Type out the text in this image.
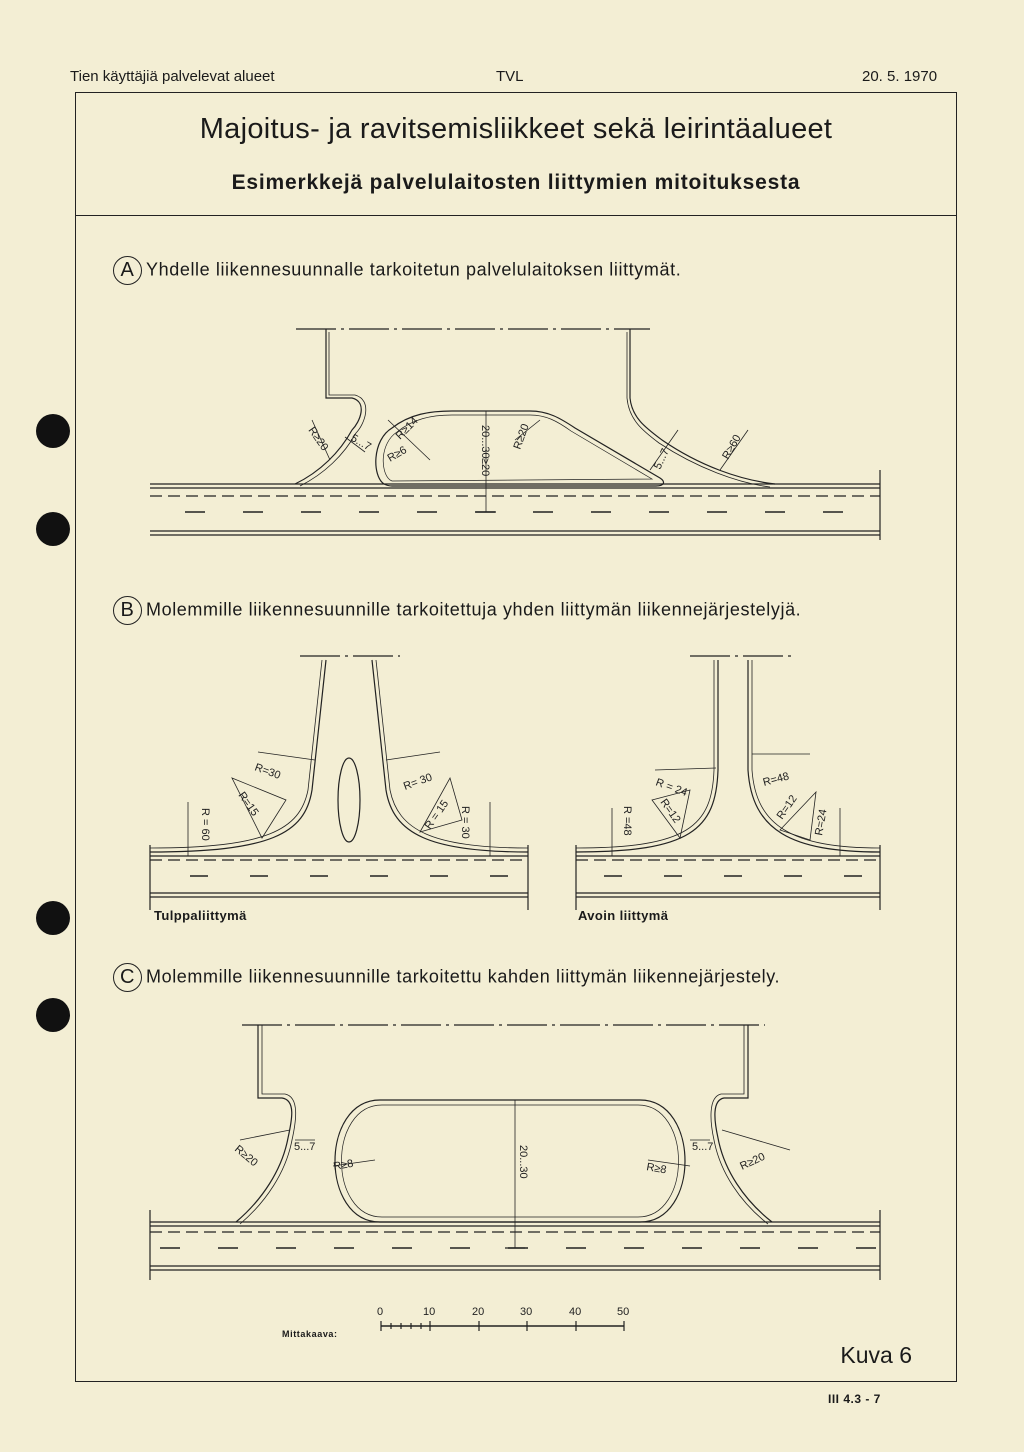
Tien käyttäjiä palvelevat alueet	TVL	20. 5. 1970
Majoitus- ja ravitsemisliikkeet sekä leirintäalueet
Esimerkkejä palvelulaitosten liittymien mitoituksesta
Kuva 6
A Yhdelle liikennesuunnalle tarkoitetun palvelulaitoksen liittymät.
B Molemmille liikennesuunnille tarkoitettuja yhden liittymän liikennejärjestelyjä.
C Molemmille liikennesuunnille tarkoitettu kahden liittymän liikennejärjestely.
R≥20 5...7
R≥14
R≥6	20...30
≥20
R≥20
5...7	R≥60
R = 60
R=30
R=15
R= 30
R = 15 R = 30	R =48
R = 24
R=12
R=48
R=12
R=24
R≥20	5...7
R≥8	20...30	R≥8
5...7
R≥20
0	10	20	30	40	50
Tulppaliittymä	Avoin liittymä
Mittakaava:
III 4.3 - 7
